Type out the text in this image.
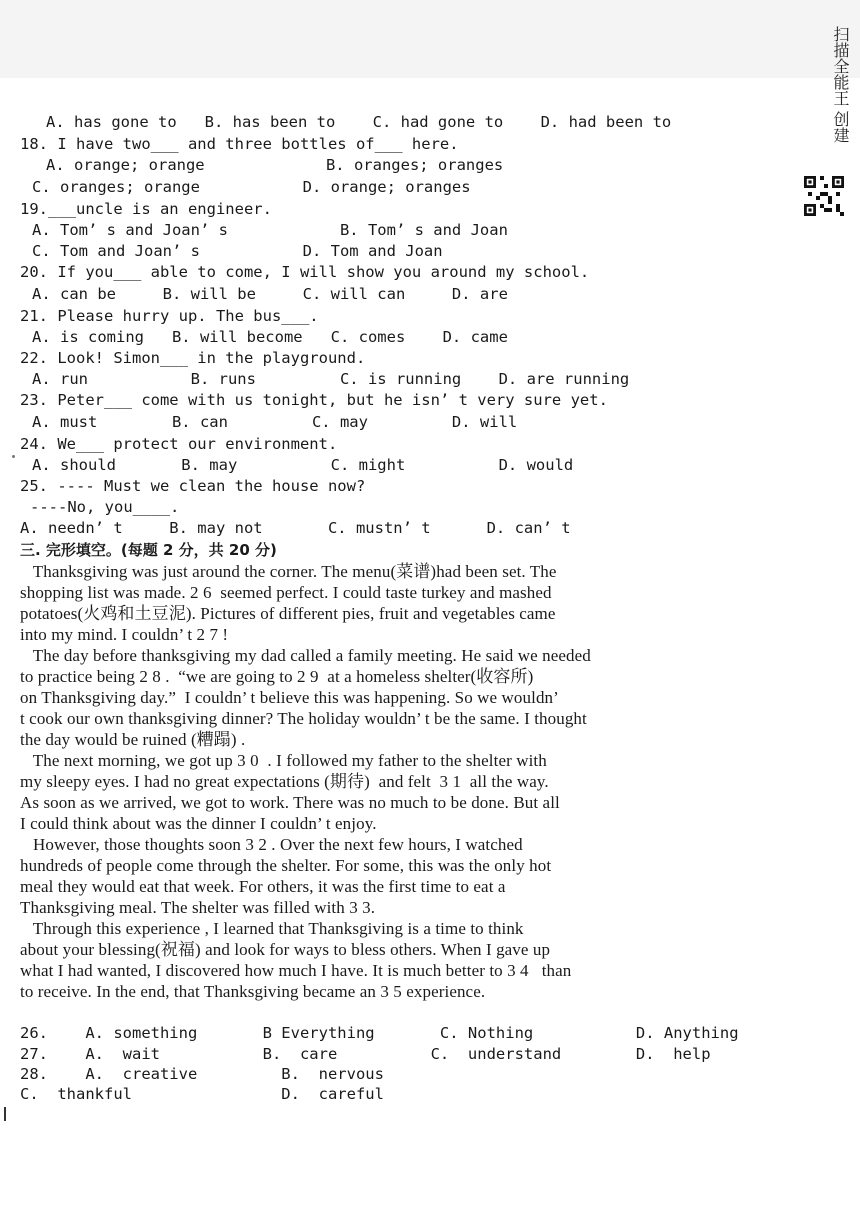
A. has gone to   B. has been to    C. had gone to    D. had been to
18. I have two___ and three bottles of___ here.
A. orange; orange             B. oranges; oranges
C. oranges; orange           D. orange; oranges
19.___uncle is an engineer.
A. Tom’ s and Joan’ s            B. Tom’ s and Joan
C. Tom and Joan’ s           D. Tom and Joan
20. If you___ able to come, I will show you around my school.
A. can be     B. will be     C. will can     D. are
21. Please hurry up. The bus___.
A. is coming   B. will become   C. comes    D. came
22. Look! Simon___ in the playground.
A. run           B. runs         C. is running    D. are running
23. Peter___ come with us tonight, but he isn’ t very sure yet.
A. must        B. can         C. may         D. will
24. We___ protect our environment.
A. should       B. may          C. might          D. would
25. ---- Must we clean the house now?
----No, you____.
A. needn’ t     B. may not       C. mustn’ t      D. can’ t
三. 完形填空。(每题 2 分，共 20 分)
Thanksgiving was just around the corner. The menu(菜谱)had been set. The
shopping list was made. 2 6  seemed perfect. I could taste turkey and mashed
potatoes(火鸡和土豆泥). Pictures of different pies, fruit and vegetables came
into my mind. I couldn’ t 2 7 !
The day before thanksgiving my dad called a family meeting. He said we needed
to practice being 2 8 .  “we are going to 2 9  at a homeless shelter(收容所)
on Thanksgiving day.”  I couldn’ t believe this was happening. So we wouldn’
t cook our own thanksgiving dinner? The holiday wouldn’ t be the same. I thought
the day would be ruined (糟蹋) .
The next morning, we got up 3 0  . I followed my father to the shelter with
my sleepy eyes. I had no great expectations (期待)  and felt  3 1  all the way.
As soon as we arrived, we got to work. There was no much to be done. But all
I could think about was the dinner I couldn’ t enjoy.
However, those thoughts soon 3 2 . Over the next few hours, I watched
hundreds of people come through the shelter. For some, this was the only hot
meal they would eat that week. For others, it was the first time to eat a
Thanksgiving meal. The shelter was filled with 3 3.
Through this experience , I learned that Thanksgiving is a time to think
about your blessing(祝福) and look for ways to bless others. When I gave up
what I had wanted, I discovered how much I have. It is much better to 3 4   than
to receive. In the end, that Thanksgiving became an 3 5 experience.
26.    A. something       B Everything       C. Nothing           D. Anything
27.    A.  wait           B.  care          C.  understand        D.  help
28.    A.  creative         B.  nervous
C.  thankful                D.  careful
扫描全能王 创建
